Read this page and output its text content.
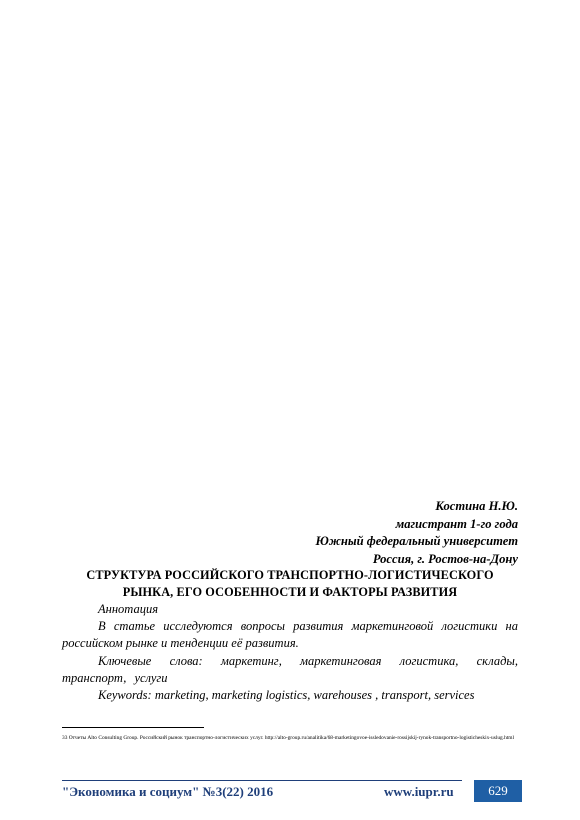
Костина Н.Ю.
магистрант 1-го года
Южный федеральный университет
Россия, г. Ростов-на-Дону
СТРУКТУРА РОССИЙСКОГО ТРАНСПОРТНО-ЛОГИСТИЧЕСКОГО
РЫНКА, ЕГО ОСОБЕННОСТИ И ФАКТОРЫ РАЗВИТИЯ
Аннотация
В статье исследуются вопросы развития маркетинговой логистики на российском рынке и тенденции её развития.
Ключевые слова: маркетинг, маркетинговая логистика, склады, транспорт, услуги
Keywords: marketing, marketing logistics, warehouses , transport, services
33 Отчеты Alto Consulting Group. Российский рынок транспортно-логистических услуг. http://alto-group.ru/analitika/68-marketingovoe-issledovanie-rossijskij-rynok-transportno-logisticheskix-uslug.html
"Экономика и социум" №3(22) 2016	www.iupr.ru	629
